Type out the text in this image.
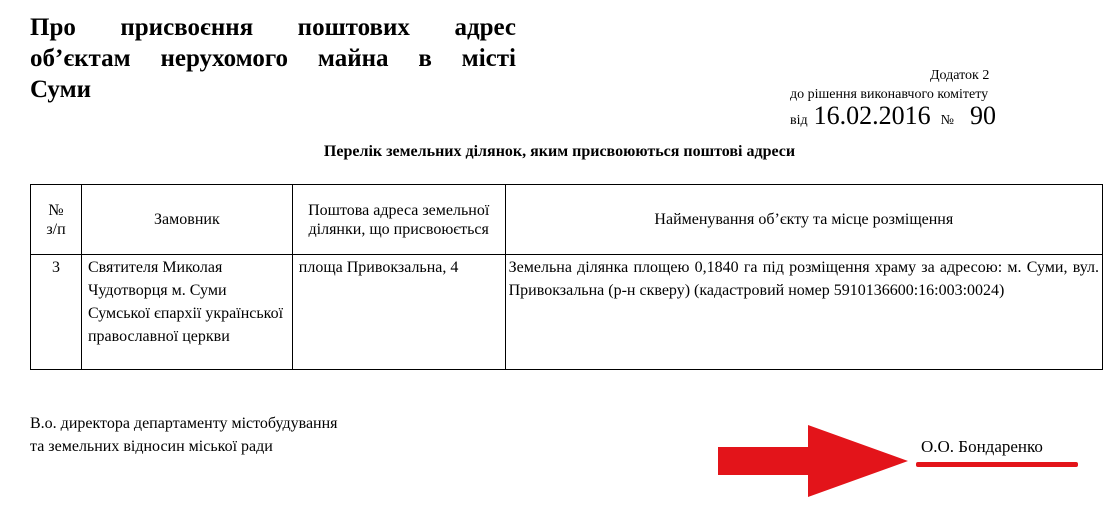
Про присвоєння поштових адрес
об’єктам нерухомого майна в місті
Суми
Додаток 2
до рішення виконавчого комітету
від 16.02.2016 № 90
Перелік земельних ділянок, яким присвоюються поштові адреси
№
з/п	Замовник	Поштова адреса земельної ділянки, що присвоюється	Найменування об’єкту та місце розміщення
3	Святителя Миколая Чудотворця м. Суми Сумської єпархії української православної церкви	площа Привокзальна, 4	Земельна ділянка площею 0,1840 га під розміщення храму за адресою: м. Суми, вул. Привокзальна (р-н скверу) (кадастровий номер 5910136600:16:003:0024)
В.о. директора департаменту містобудування
та земельних відносин міської ради	О.О. Бондаренко
